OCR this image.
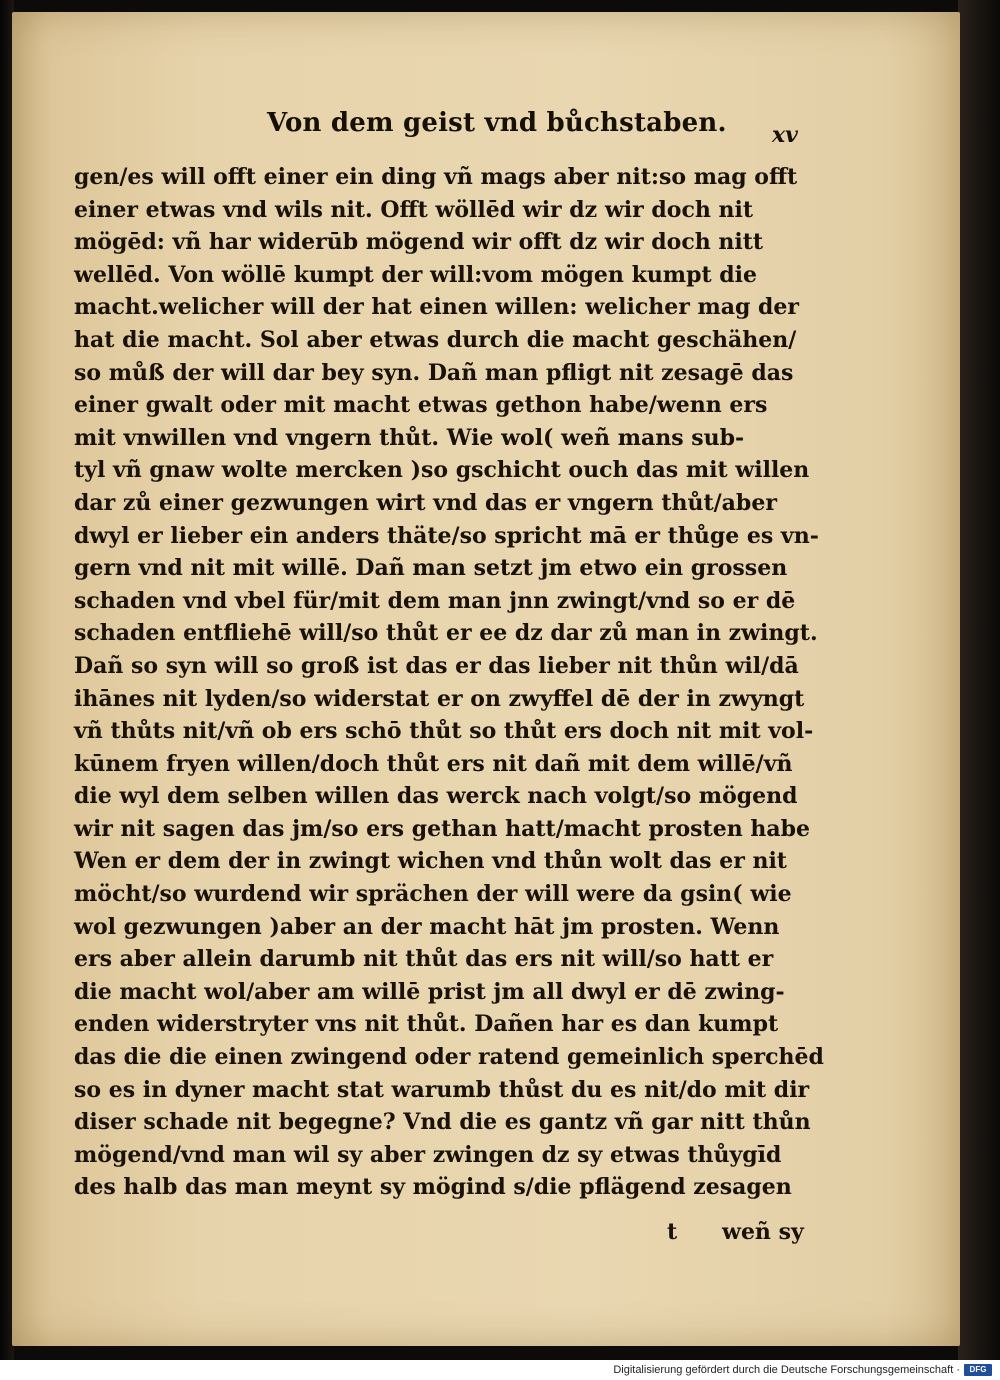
Von dem geist vnd bůchstaben. xv
gen/es will offt einer ein ding vñ mags aber nit:so mag offt
einer etwas vnd wils nit. Offt wöllēd wir dz wir doch nit
mögēd: vñ har widerūb mögend wir offt dz wir doch nitt
wellēd. Von wöllē kumpt der will:vom mögen kumpt die
macht.welicher will der hat einen willen: welicher mag der
hat die macht. Sol aber etwas durch die macht geschähen/
so můß der will dar bey syn. Dañ man pfligt nit zesagē das
einer gwalt oder mit macht etwas gethon habe/wenn ers
mit vnwillen vnd vngern thůt. Wie wol( weñ mans sub‑
tyl vñ gnaw wolte mercken )so gschicht ouch das mit willen
dar zů einer gezwungen wirt vnd das er vngern thůt/aber
dwyl er lieber ein anders thäte/so spricht mā er thůge es vn‑
gern vnd nit mit willē. Dañ man setzt jm etwo ein grossen
schaden vnd vbel für/mit dem man jnn zwingt/vnd so er dē
schaden entfliehē will/so thůt er ee dz dar zů man in zwingt.
Dañ so syn will so groß ist das er das lieber nit thůn wil/dā
ihānes nit lyden/so widerstat er on zwyffel dē der in zwyngt
vñ thůts nit/vñ ob ers schō thůt so thůt ers doch nit mit vol‑
kūnem fryen willen/doch thůt ers nit dañ mit dem willē/vñ
die wyl dem selben willen das werck nach volgt/so mögend
wir nit sagen das jm/so ers gethan hatt/macht prosten habe
Wen er dem der in zwingt wichen vnd thůn wolt das er nit
möcht/so wurdend wir sprächen der will were da gsin( wie
wol gezwungen )aber an der macht hāt jm prosten. Wenn
ers aber allein darumb nit thůt das ers nit will/so hatt er
die macht wol/aber am willē prist jm all dwyl er dē zwing‑
enden widerstryter vns nit thůt. Dañen har es dan kumpt
das die die einen zwingend oder ratend gemeinlich sperchēd
so es in dyner macht stat warumb thůst du es nit/do mit dir
diser schade nit begegne? Vnd die es gantz vñ gar nitt thůn
mögend/vnd man wil sy aber zwingen dz sy etwas thůygīd
des halb das man meynt sy mögind s/die pflägend zesagen
t weñ sy
Digitalisierung gefördert durch die Deutsche Forschungsgemeinschaft ·	DFG
